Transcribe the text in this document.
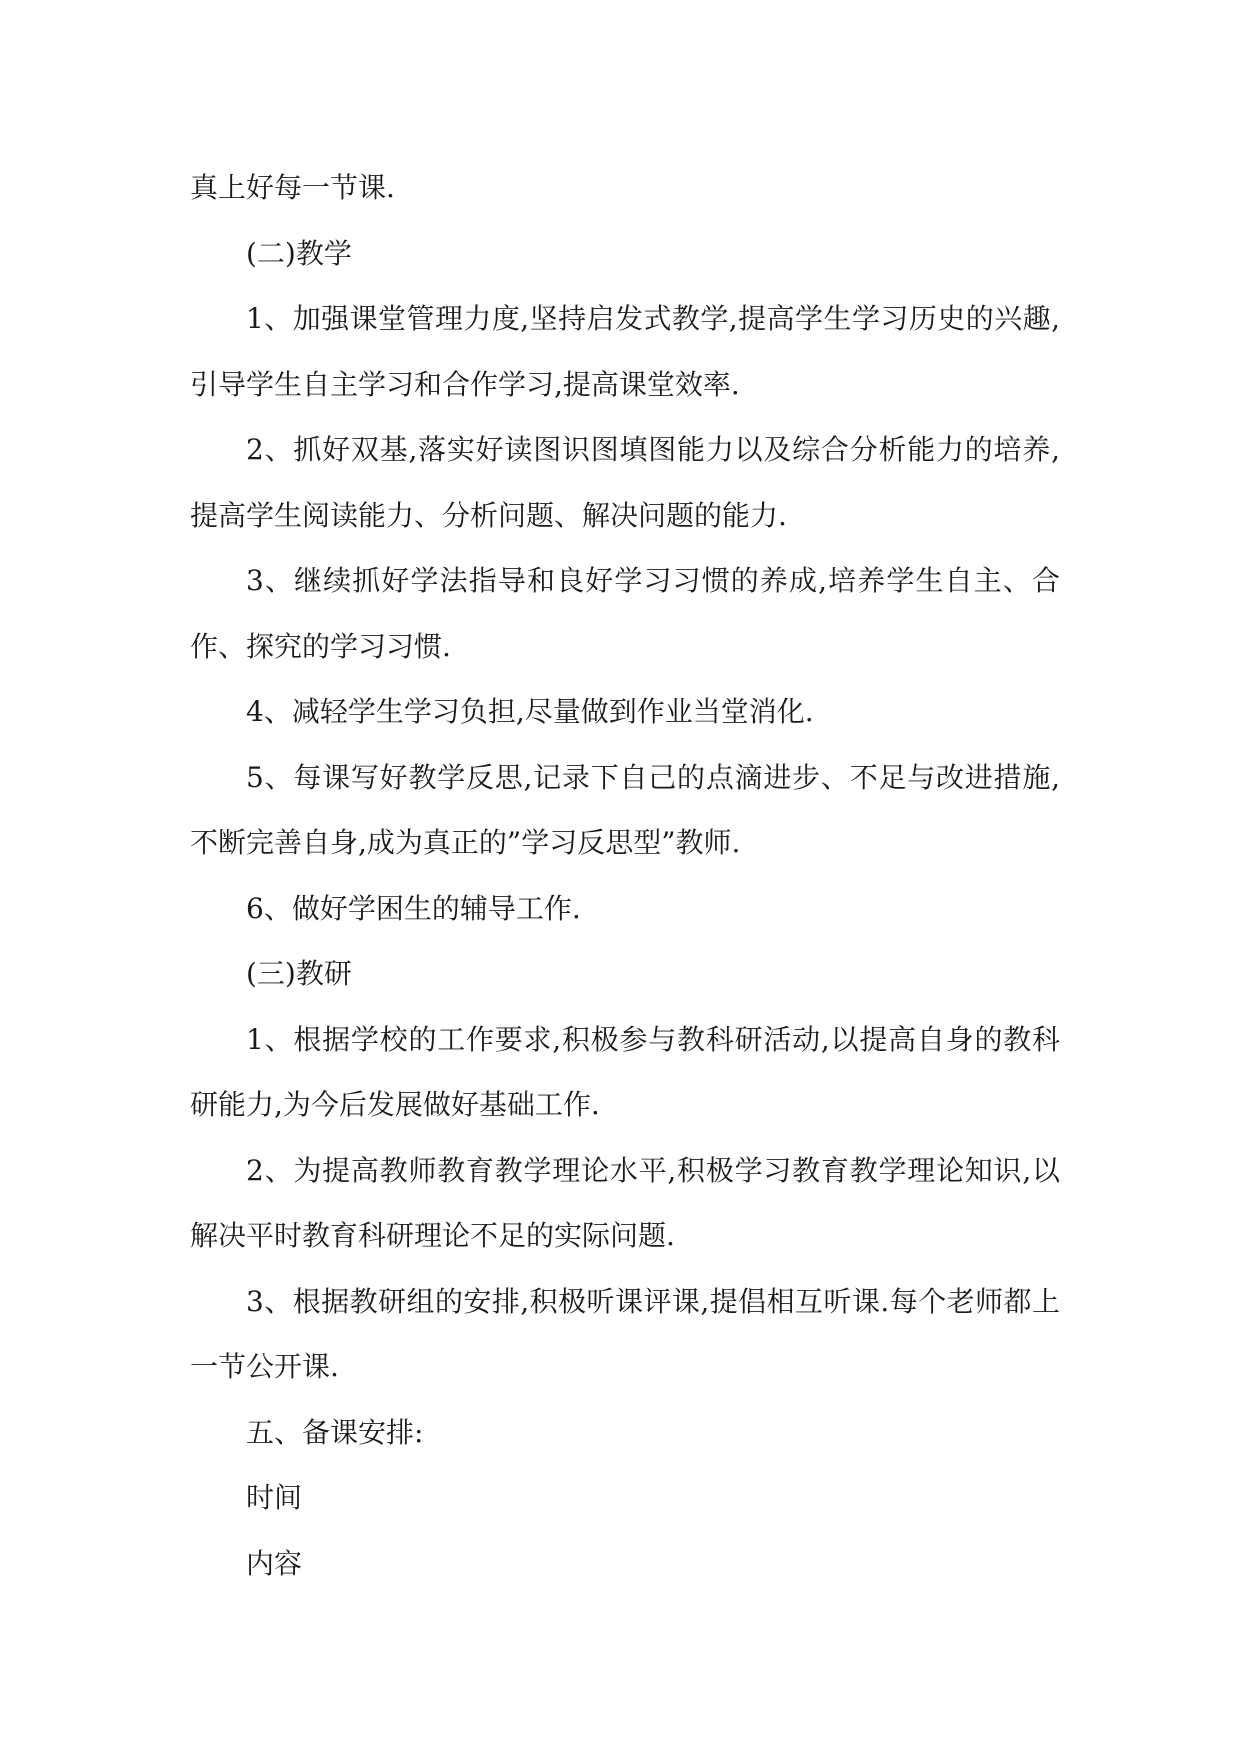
真上好每一节课.

(二)教学

1、加强课堂管理力度,坚持启发式教学,提高学生学习历史的兴趣,引导学生自主学习和合作学习,提高课堂效率.

2、抓好双基,落实好读图识图填图能力以及综合分析能力的培养,提高学生阅读能力、分析问题、解决问题的能力.

3、继续抓好学法指导和良好学习习惯的养成,培养学生自主、合作、探究的学习习惯.

4、减轻学生学习负担,尽量做到作业当堂消化.

5、每课写好教学反思,记录下自己的点滴进步、不足与改进措施,不断完善自身,成为真正的”学习反思型”教师.

6、做好学困生的辅导工作.

(三)教研

1、根据学校的工作要求,积极参与教科研活动,以提高自身的教科研能力,为今后发展做好基础工作.

2、为提高教师教育教学理论水平,积极学习教育教学理论知识,以解决平时教育科研理论不足的实际问题.

3、根据教研组的安排,积极听课评课,提倡相互听课.每个老师都上一节公开课.

五、备课安排:

时间

内容
